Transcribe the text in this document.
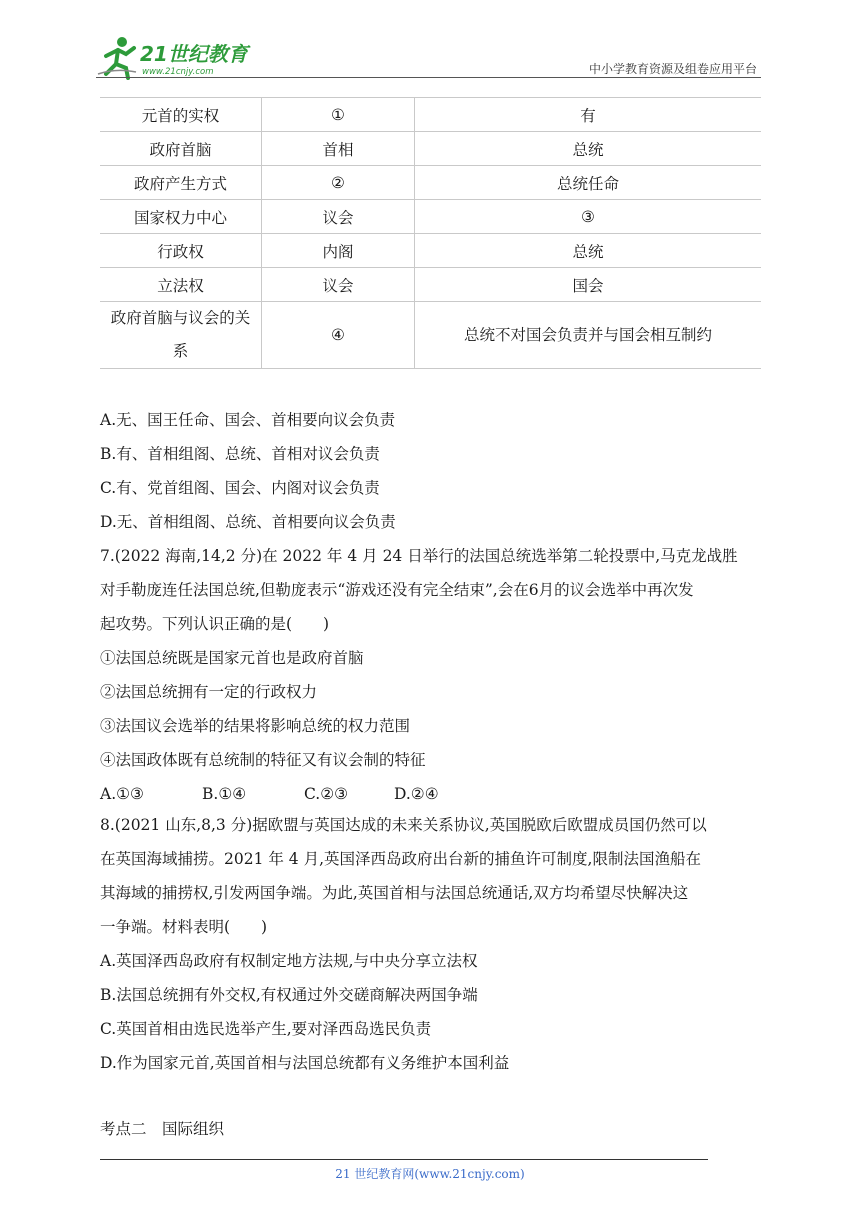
21世纪教育
www.21cnjy.com	中小学教育资源及组卷应用平台
元首的实权	①	有
政府首脑	首相	总统
政府产生方式	②	总统任命
国家权力中心	议会	③
行政权	内阁	总统
立法权	议会	国会
政府首脑与议会的关
系	④	总统不对国会负责并与国会相互制约
A.无、国王任命、国会、首相要向议会负责
B.有、首相组阁、总统、首相对议会负责
C.有、党首组阁、国会、内阁对议会负责
D.无、首相组阁、总统、首相要向议会负责
7.(2022 海南,14,2 分)在 2022 年 4 月 24 日举行的法国总统选举第二轮投票中,马克龙战胜
对手勒庞连任法国总统,但勒庞表示“游戏还没有完全结束”,会在6月的议会选举中再次发
起攻势。下列认识正确的是(　　)
①法国总统既是国家元首也是政府首脑
②法国总统拥有一定的行政权力
③法国议会选举的结果将影响总统的权力范围
④法国政体既有总统制的特征又有议会制的特征
A.①③	B.①④	C.②③	D.②④
8.(2021 山东,8,3 分)据欧盟与英国达成的未来关系协议,英国脱欧后欧盟成员国仍然可以
在英国海域捕捞。2021 年 4 月,英国泽西岛政府出台新的捕鱼许可制度,限制法国渔船在
其海域的捕捞权,引发两国争端。为此,英国首相与法国总统通话,双方均希望尽快解决这
一争端。材料表明(　　)
A.英国泽西岛政府有权制定地方法规,与中央分享立法权
B.法国总统拥有外交权,有权通过外交磋商解决两国争端
C.英国首相由选民选举产生,要对泽西岛选民负责
D.作为国家元首,英国首相与法国总统都有义务维护本国利益
考点二　国际组织
21 世纪教育网(www.21cnjy.com)
